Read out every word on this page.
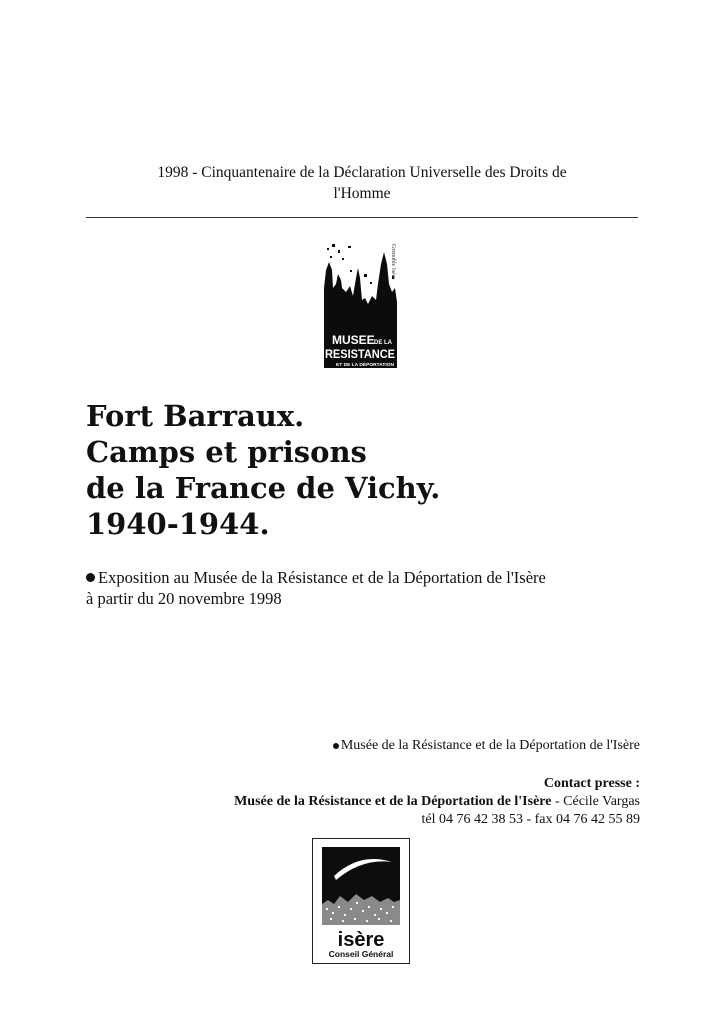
1998 - Cinquantenaire de la Déclaration Universelle des Droits de
l'Homme
Grenoble Isère
MUSEE DE LA
RESISTANCE
ET DE LA DÉPORTATION
Fort Barraux.
Camps et prisons
de la France de Vichy.
1940-1944.
Exposition au Musée de la Résistance et de la Déportation de l'Isère
à partir du 20 novembre 1998
Musée de la Résistance et de la Déportation de l'Isère
Contact presse :
Musée de la Résistance et de la Déportation de l'Isère - Cécile Vargas
tél 04 76 42 38 53 - fax 04 76 42 55 89
isère
Conseil Général
